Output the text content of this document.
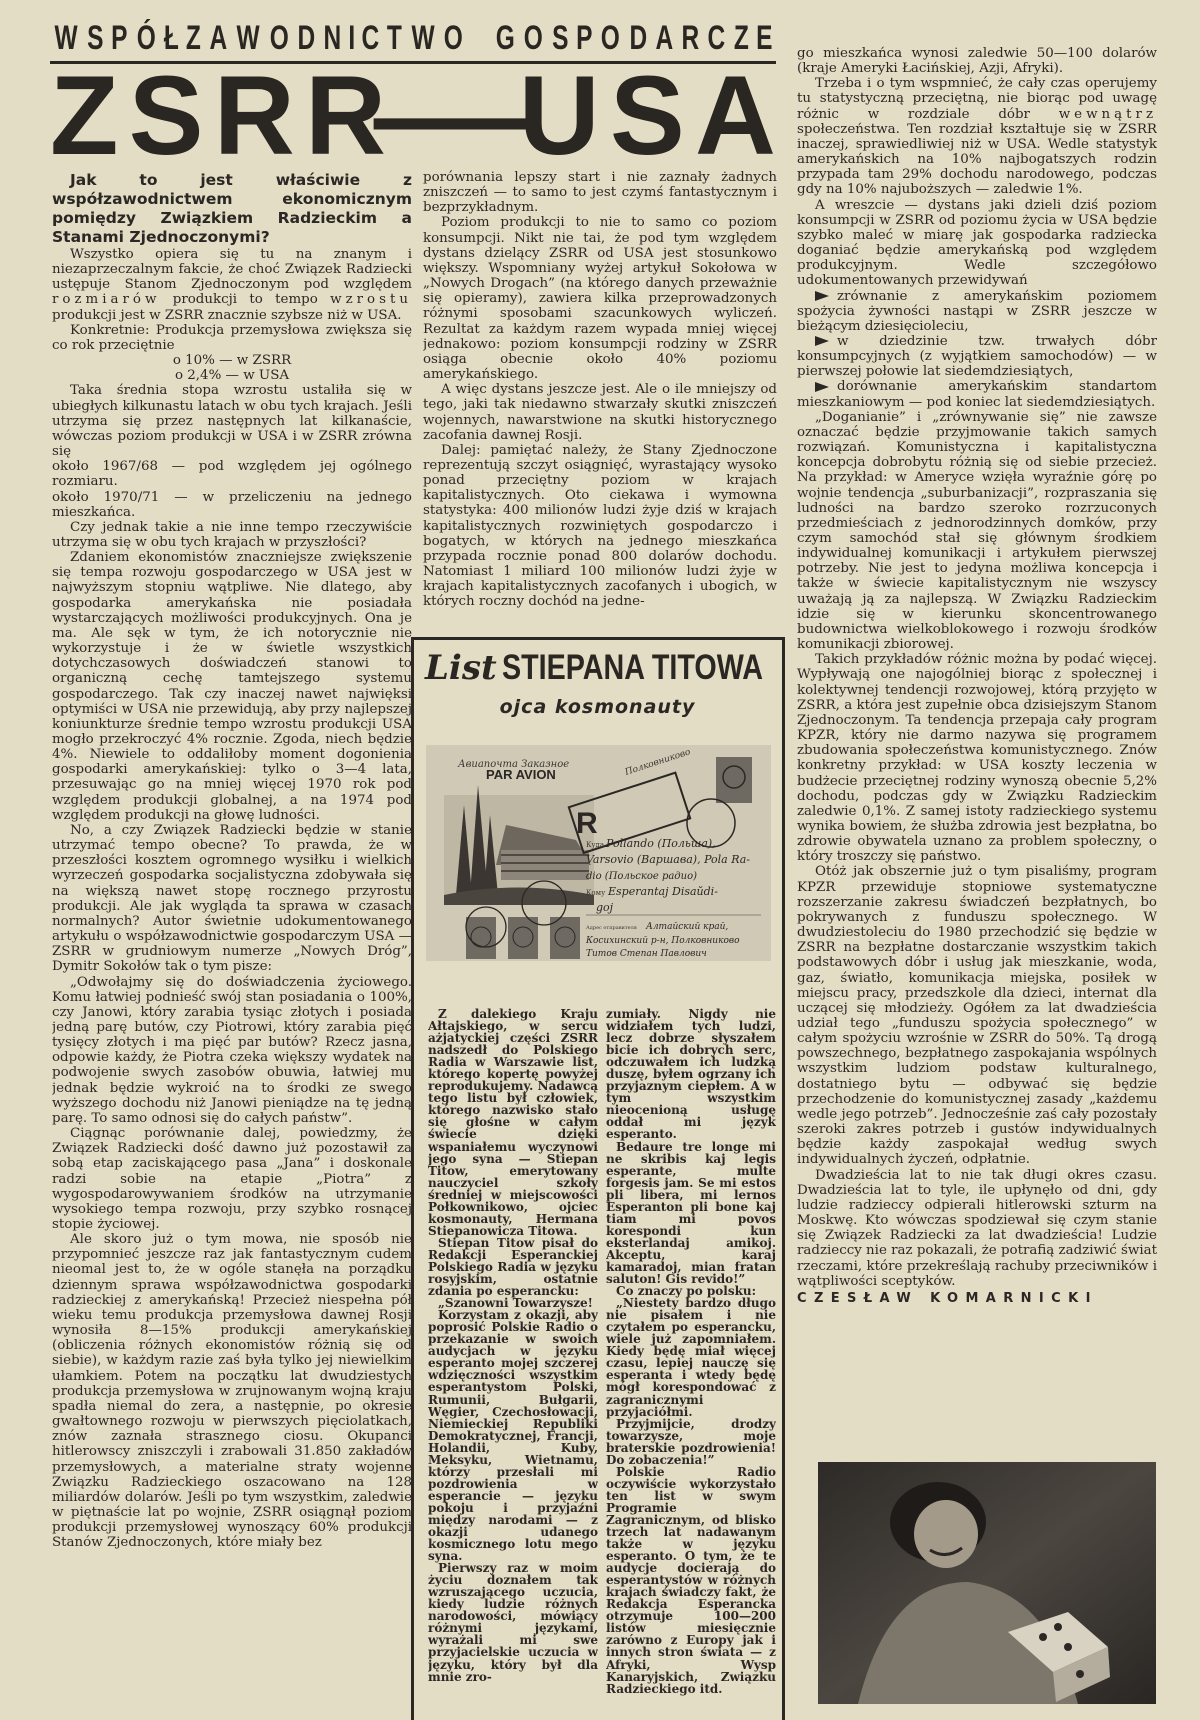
W S P Ó Ł Z A W O D N I C T W O G O S P O D A R C Z E
Z S R R
—
U S A

Jak to jest właściwie z współzawodnictwem ekonomicznym pomiędzy Związkiem Radzieckim a Stanami Zjednoczonymi?

Wszystko opiera się tu na znanym i niezaprzeczalnym fakcie, że choć Związek Radziecki ustępuje Stanom Zjednoczonym pod względem rozmiarów produkcji to tempo wzrostu produkcji jest w ZSRR znacznie szybsze niż w USA.

Konkretnie: Produkcja przemysłowa zwiększa się co rok przeciętnie

o 10% — w ZSRR

o 2,4% — w USA

Taka średnia stopa wzrostu ustaliła się w ubiegłych kilkunastu latach w obu tych krajach. Jeśli utrzyma się przez następnych lat kilkanaście, wówczas poziom produkcji w USA i w ZSRR zrówna się

około 1967/68 — pod względem jej ogólnego rozmiaru.

około 1970/71 — w przeliczeniu na jednego mieszkańca.

Czy jednak takie a nie inne tempo rzeczywiście utrzyma się w obu tych krajach w przyszłości?

Zdaniem ekonomistów znaczniejsze zwiększenie się tempa rozwoju gospodarczego w USA jest w najwyższym stopniu wątpliwe. Nie dlatego, aby gospodarka amerykańska nie posiadała wystarczających możliwości produkcyjnych. Ona je ma. Ale sęk w tym, że ich notorycznie nie wykorzystuje i że w świetle wszystkich dotychczasowych doświadczeń stanowi to organiczną cechę tamtejszego systemu gospodarczego. Tak czy inaczej nawet najwięksi optymiści w USA nie przewidują, aby przy najlepszej koniunkturze średnie tempo wzrostu produkcji USA mogło przekroczyć 4% rocznie. Zgoda, niech będzie 4%. Niewiele to oddaliłoby moment dogonienia gospodarki amerykańskiej: tylko o 3—4 lata, przesuwając go na mniej więcej 1970 rok pod względem produkcji globalnej, a na 1974 pod względem produkcji na głowę ludności.

No, a czy Związek Radziecki będzie w stanie utrzymać tempo obecne? To prawda, że w przeszłości kosztem ogromnego wysiłku i wielkich wyrzeczeń gospodarka socjalistyczna zdobywała się na większą nawet stopę rocznego przyrostu produkcji. Ale jak wygląda ta sprawa w czasach normalnych? Autor świetnie udokumentowanego artykułu o współzawodnictwie gospodarczym USA — ZSRR w grudniowym numerze „Nowych Dróg”, Dymitr Sokołów tak o tym pisze:

„Odwołajmy się do doświadczenia życiowego. Komu łatwiej podnieść swój stan posiadania o 100%, czy Janowi, który zarabia tysiąc złotych i posiada jedną parę butów, czy Piotrowi, który zarabia pięć tysięcy złotych i ma pięć par butów? Rzecz jasna, odpowie każdy, że Piotra czeka większy wydatek na podwojenie swych zasobów obuwia, łatwiej mu jednak będzie wykroić na to środki ze swego wyższego dochodu niż Janowi pieniądze na tę jedną parę. To samo odnosi się do całych państw”.

Ciągnąc porównanie dalej, powiedzmy, że Związek Radziecki dość dawno już pozostawił za sobą etap zaciskającego pasa „Jana” i doskonale radzi sobie na etapie „Piotra” z wygospodarowywaniem środków na utrzymanie wysokiego tempa rozwoju, przy szybko rosnącej stopie życiowej.

Ale skoro już o tym mowa, nie sposób nie przypomnieć jeszcze raz jak fantastycznym cudem nieomal jest to, że w ogóle stanęła na porządku dziennym sprawa współzawodnictwa gospodarki radzieckiej z amerykańską! Przecież niespełna pół wieku temu produkcja przemysłowa dawnej Rosji wynosiła 8—15% produkcji amerykańskiej (obliczenia różnych ekonomistów różnią się od siebie), w każdym razie zaś była tylko jej niewielkim ułamkiem. Potem na początku lat dwudziestych produkcja przemysłowa w zrujnowanym wojną kraju spadła niemal do zera, a następnie, po okresie gwałtownego rozwoju w pierwszych pięciolatkach, znów zaznała strasznego ciosu. Okupanci hitlerowscy zniszczyli i zrabowali 31.850 zakładów przemysłowych, a materialne straty wojenne Związku Radzieckiego oszacowano na 128 miliardów dolarów. Jeśli po tym wszystkim, zaledwie w piętnaście lat po wojnie, ZSRR osiągnął poziom produkcji przemysłowej wynoszący 60% produkcji Stanów Zjednoczonych, które miały bez

porównania lepszy start i nie zaznały żadnych zniszczeń — to samo to jest czymś fantastycznym i bezprzykładnym.

Poziom produkcji to nie to samo co poziom konsumpcji. Nikt nie tai, że pod tym względem dystans dzielący ZSRR od USA jest stosunkowo większy. Wspomniany wyżej artykuł Sokołowa w „Nowych Drogach” (na którego danych przeważnie się opieramy), zawiera kilka przeprowadzonych różnymi sposobami szacunkowych wyliczeń. Rezultat za każdym razem wypada mniej więcej jednakowo: poziom konsumpcji rodziny w ZSRR osiąga obecnie około 40% poziomu amerykańskiego.

A więc dystans jeszcze jest. Ale o ile mniejszy od tego, jaki tak niedawno stwarzały skutki zniszczeń wojennych, nawarstwione na skutki historycznego zacofania dawnej Rosji.

Dalej: pamiętać należy, że Stany Zjednoczone reprezentują szczyt osiągnięć, wyrastający wysoko ponad przeciętny poziom w krajach kapitalistycznych. Oto ciekawa i wymowna statystyka: 400 milionów ludzi żyje dziś w krajach kapitalistycznych rozwiniętych gospodarczo i bogatych, w których na jednego mieszkańca przypada rocznie ponad 800 dolarów dochodu. Natomiast 1 miliard 100 milionów ludzi żyje w krajach kapitalistycznych zacofanych i ubogich, w których roczny dochód na jedne-

go mieszkańca wynosi zaledwie 50—100 dolarów (kraje Ameryki Łacińskiej, Azji, Afryki).

Trzeba i o tym wspmnieć, że cały czas operujemy tu statystyczną przeciętną, nie biorąc pod uwagę różnic w rozdziale dóbr wewnątrz społeczeństwa. Ten rozdział kształtuje się w ZSRR inaczej, sprawiedliwiej niż w USA. Wedle statystyk amerykańskich na 10% najbogatszych rodzin przypada tam 29% dochodu narodowego, podczas gdy na 10% najuboższych — zaledwie 1%.

A wreszcie — dystans jaki dzieli dziś poziom konsumpcji w ZSRR od poziomu życia w USA będzie szybko maleć w miarę jak gospodarka radziecka doganiać będzie amerykańską pod względem produkcyjnym. Wedle szczegółowo udokumentowanych przewidywań

zrównanie z amerykańskim poziomem spożycia żywności nastąpi w ZSRR jeszcze w bieżącym dziesięcioleciu,

w dziedzinie tzw. trwałych dóbr konsumpcyjnych (z wyjątkiem samochodów) — w pierwszej połowie lat siedemdziesiątych,

dorównanie amerykańskim standartom mieszkaniowym — pod koniec lat siedemdziesiątych.

„Doganianie” i „zrównywanie się” nie zawsze oznaczać będzie przyjmowanie takich samych rozwiązań. Komunistyczna i kapitalistyczna koncepcja dobrobytu różnią się od siebie przecież. Na przykład: w Ameryce wzięła wyraźnie górę po wojnie tendencja „suburbanizacji”, rozpraszania się ludności na bardzo szeroko rozrzuconych przedmieściach z jednorodzinnych domków, przy czym samochód stał się głównym środkiem indywidualnej komunikacji i artykułem pierwszej potrzeby. Nie jest to jedyna możliwa koncepcja i także w świecie kapitalistycznym nie wszyscy uważają ją za najlepszą. W Związku Radzieckim idzie się w kierunku skoncentrowanego budownictwa wielkoblokowego i rozwoju środków komunikacji zbiorowej.

Takich przykładów różnic można by podać więcej. Wypływają one najogólniej biorąc z społecznej i kolektywnej tendencji rozwojowej, którą przyjęto w ZSRR, a która jest zupełnie obca dzisiejszym Stanom Zjednoczonym. Ta tendencja przepaja cały program KPZR, który nie darmo nazywa się programem zbudowania społeczeństwa komunistycznego. Znów konkretny przykład: w USA koszty leczenia w budżecie przeciętnej rodziny wynoszą obecnie 5,2% dochodu, podczas gdy w Związku Radzieckim zaledwie 0,1%. Z samej istoty radzieckiego systemu wynika bowiem, że służba zdrowia jest bezpłatna, bo zdrowie obywatela uznano za problem społeczny, o który troszczy się państwo.

Otóż jak obszernie już o tym pisaliśmy, program KPZR przewiduje stopniowe systematyczne rozszerzanie zakresu świadczeń bezpłatnych, bo pokrywanych z funduszu społecznego. W dwudziestoleciu do 1980 przechodzić się będzie w ZSRR na bezpłatne dostarczanie wszystkim takich podstawowych dóbr i usług jak mieszkanie, woda, gaz, światło, komunikacja miejska, posiłek w miejscu pracy, przedszkole dla dzieci, internat dla uczącej się młodzieży. Ogółem za lat dwadzieścia udział tego „funduszu spożycia społecznego” w całym spożyciu wzrośnie w ZSRR do 50%. Tą drogą powszechnego, bezpłatnego zaspokajania wspólnych wszystkim ludziom podstaw kulturalnego, dostatniego bytu — odbywać się będzie przechodzenie do komunistycznej zasady „każdemu wedle jego potrzeb”. Jednocześnie zaś cały pozostały szeroki zakres potrzeb i gustów indywidualnych będzie każdy zaspokajał według swych indywidualnych życzeń, odpłatnie.

Dwadzieścia lat to nie tak długi okres czasu. Dwadzieścia lat to tyle, ile upłynęło od dni, gdy ludzie radzieccy odpierali hitlerowski szturm na Moskwę. Kto wówczas spodziewał się czym stanie się Związek Radziecki za lat dwadzieścia! Ludzie radzieccy nie raz pokazali, że potrafią zadziwić świat rzeczami, które przekreślają rachuby przeciwników i wątpliwości sceptyków.

CZESŁAW KOMARNICKI

List STIEPANA TITOWA
ojca kosmonauty
Авиапочта Заказное
PAR AVION	Полковниково
R
Куда Pollando (Польша),
Varsovio (Варшава), Pola Ra-
dio (Польское радио)
Кому Esperantaj Disaŭdi-
goj
Адрес отправителя Алтайский край,
Косихинский р-н, Полковниково
Титов Степан Павлович

Z dalekiego Kraju Ałtajskiego, w sercu ażjatyckiej części ZSRR nadszedł do Polskiego Radia w Warszawie list, którego kopertę powyżej reprodukujemy. Nadawcą tego listu był człowiek, którego nazwisko stało się głośne w całym świecie dzięki wspaniałemu wyczynowi jego syna — Stiepan Titow, emerytowany nauczyciel szkoły średniej w miejscowości Połkownikowo, ojciec kosmonauty, Hermana Stiepanowicza Titowa.

Stiepan Titow pisał do Redakcji Esperanckiej Polskiego Radia w języku rosyjskim, ostatnie zdania po esperancku:

„Szanowni Towarzysze!

Korzystam z okazji, aby poprosić Polskie Radio o przekazanie w swoich audycjach w języku esperanto mojej szczerej wdzięczności wszystkim esperantystom Polski, Rumunii, Bułgarii, Węgier, Czechosłowacji, Niemieckiej Republiki Demokratycznej, Francji, Holandii, Kuby, Meksyku, Wietnamu, którzy przesłali mi pozdrowienia w esperancie — języku pokoju i przyjaźni między narodami — z okazji udanego kosmicznego lotu mego syna.

Pierwszy raz w moim życiu doznałem tak wzruszającego uczucia, kiedy ludzie różnych narodowości, mówiący różnymi językami, wyrażali mi swe przyjacielskie uczucia w języku, który był dla mnie zro-

zumiały. Nigdy nie widziałem tych ludzi, lecz dobrze słyszałem bicie ich dobrych serc, odczuwałem ich ludzką duszę, byłem ogrzany ich przyjaznym ciepłem. A w tym wszystkim nieocenioną usługę oddał mi język esperanto.

Bedaure tre longe mi ne skribis kaj legis esperante, multe forgesis jam. Se mi estos pli libera, mi lernos Esperanton pli bone kaj tiam mi povos korespondi kun eksterlandaj amikoj. Akceptu, karaj kamaradoj, mian fratan saluton! Gis revido!”

Co znaczy po polsku:

„Niestety bardzo długo nie pisałem i nie czytałem po esperancku, wiele już zapomniałem. Kiedy będę miał więcej czasu, lepiej nauczę się esperanta i wtedy będę mógł korespondować z zagranicznymi przyjaciółmi.

Przyjmijcie, drodzy towarzysze, moje braterskie pozdrowienia! Do zobaczenia!”

Polskie Radio oczywiście wykorzystało ten list w swym Programie Zagranicznym, od blisko trzech lat nadawanym także w języku esperanto. O tym, że te audycje docierają do esperantystów w różnych krajach świadczy fakt, że Redakcja Esperancka otrzymuje 100—200 listów miesięcznie zarówno z Europy jak i innych stron świata — z Afryki, Wysp Kanaryjskich, Związku Radzieckiego itd.
